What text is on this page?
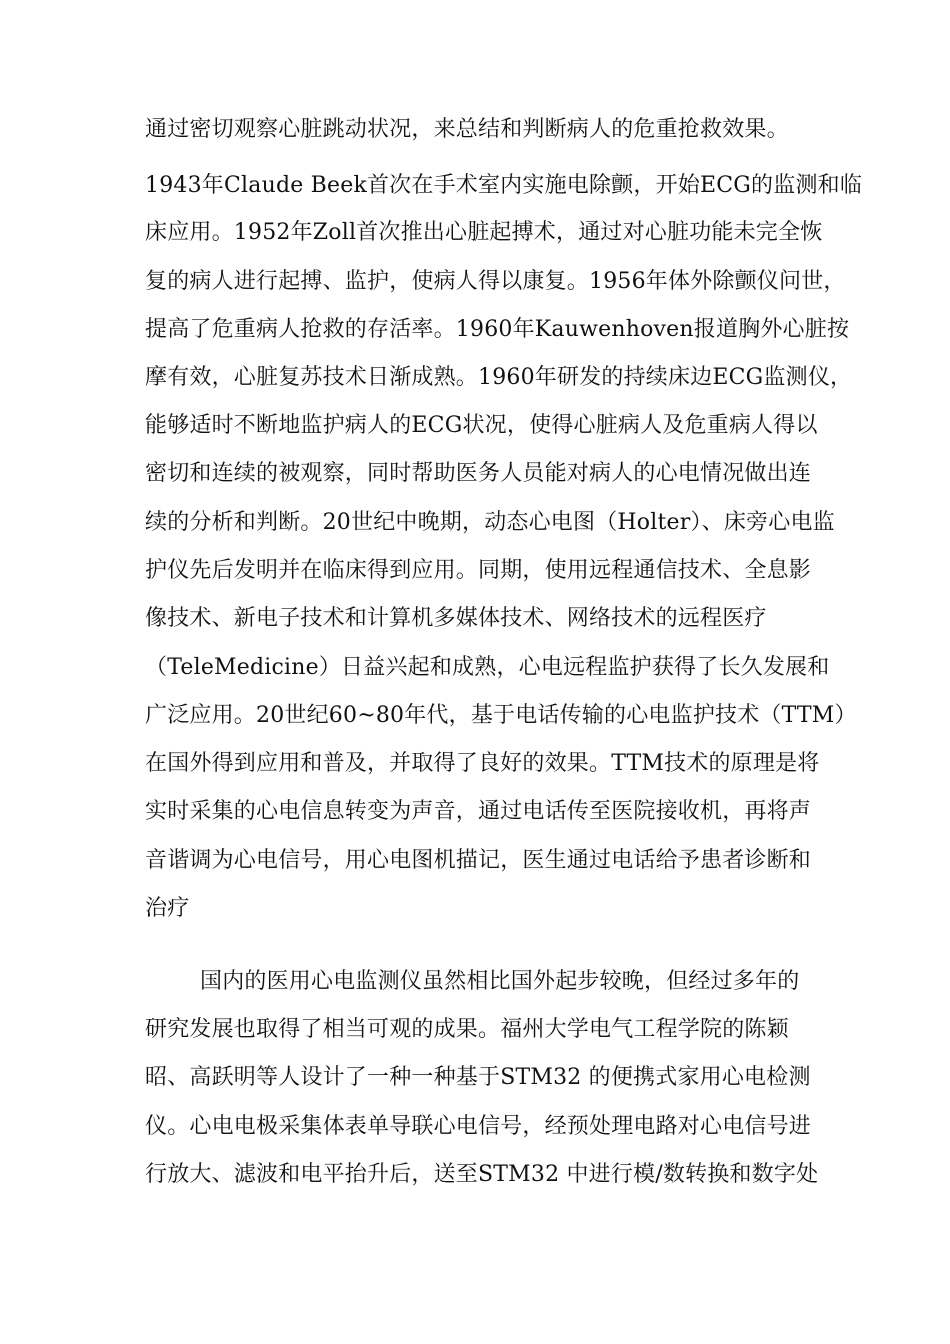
通过密切观察心脏跳动状况，来总结和判断病人的危重抢救效果。
1943年Claude Beek首次在手术室内实施电除颤，开始ECG的监测和临
床应用。1952年Zoll首次推出心脏起搏术，通过对心脏功能未完全恢
复的病人进行起搏、监护，使病人得以康复。1956年体外除颤仪问世，
提高了危重病人抢救的存活率。1960年Kauwenhoven报道胸外心脏按
摩有效，心脏复苏技术日渐成熟。1960年研发的持续床边ECG监测仪，
能够适时不断地监护病人的ECG状况，使得心脏病人及危重病人得以
密切和连续的被观察，同时帮助医务人员能对病人的心电情况做出连
续的分析和判断。20世纪中晚期，动态心电图（Holter）、床旁心电监
护仪先后发明并在临床得到应用。同期，使用远程通信技术、全息影
像技术、新电子技术和计算机多媒体技术、网络技术的远程医疗
（TeleMedicine）日益兴起和成熟，心电远程监护获得了长久发展和
广泛应用。20世纪60~80年代，基于电话传输的心电监护技术（TTM）
在国外得到应用和普及，并取得了良好的效果。TTM技术的原理是将
实时采集的心电信息转变为声音，通过电话传至医院接收机，再将声
音谐调为心电信号，用心电图机描记，医生通过电话给予患者诊断和
治疗
国内的医用心电监测仪虽然相比国外起步较晚，但经过多年的
研究发展也取得了相当可观的成果。福州大学电气工程学院的陈颖
昭、高跃明等人设计了一种一种基于STM32 的便携式家用心电检测
仪。心电电极采集体表单导联心电信号，经预处理电路对心电信号进
行放大、滤波和电平抬升后，送至STM32 中进行模/数转换和数字处
